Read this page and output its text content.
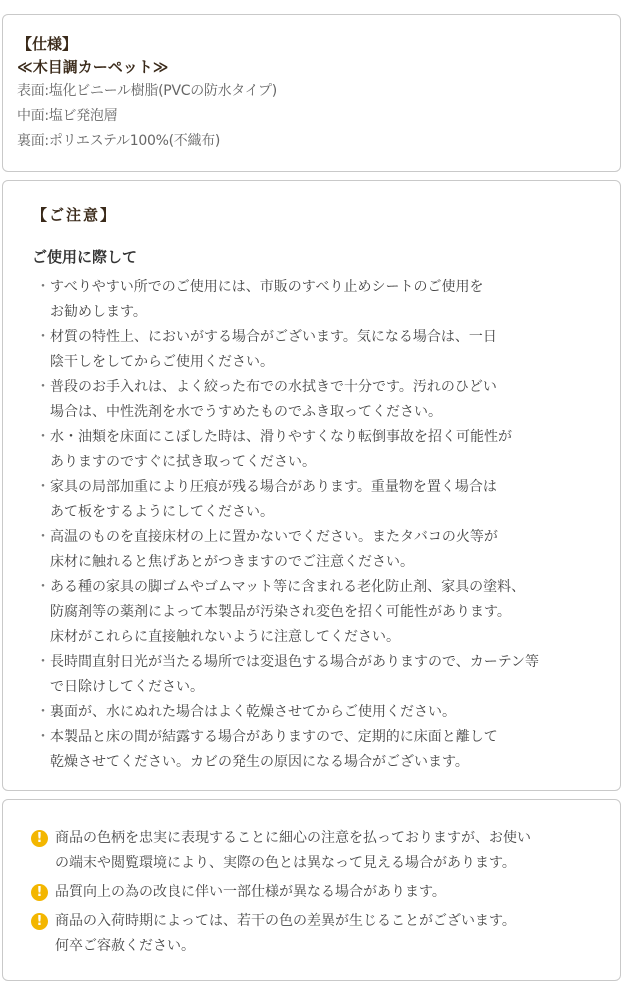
【仕様】
≪木目調カーペット≫
表面:塩化ビニール樹脂(PVCの防水タイプ)
中面:塩ビ発泡層
裏面:ポリエステル100%(不織布)
【ご注意】
ご使用に際して
・ すべりやすい所でのご使用には、市販のすべり止めシートのご使用を
お勧めします。
・ 材質の特性上、においがする場合がございます。気になる場合は、一日
陰干しをしてからご使用ください。
・ 普段のお手入れは、よく絞った布での水拭きで十分です。汚れのひどい
場合は、中性洗剤を水でうすめたものでふき取ってください。
・ 水・油類を床面にこぼした時は、滑りやすくなり転倒事故を招く可能性が
ありますのですぐに拭き取ってください。
・ 家具の局部加重により圧痕が残る場合があります。重量物を置く場合は
あて板をするようにしてください。
・ 高温のものを直接床材の上に置かないでください。またタバコの火等が
床材に触れると焦げあとがつきますのでご注意ください。
・ ある種の家具の脚ゴムやゴムマット等に含まれる老化防止剤、家具の塗料、
防腐剤等の薬剤によって本製品が汚染され変色を招く可能性があります。
床材がこれらに直接触れないように注意してください。
・ 長時間直射日光が当たる場所では変退色する場合がありますので、カーテン等
で日除けしてください。
・ 裏面が、水にぬれた場合はよく乾燥させてからご使用ください。
・ 本製品と床の間が結露する場合がありますので、定期的に床面と離して
乾燥させてください。カビの発生の原因になる場合がございます。
! 商品の色柄を忠実に表現することに細心の注意を払っておりますが、お使い
の端末や閲覧環境により、実際の色とは異なって見える場合があります。
! 品質向上の為の改良に伴い一部仕様が異なる場合があります。
! 商品の入荷時期によっては、若干の色の差異が生じることがございます。
何卒ご容赦ください。
